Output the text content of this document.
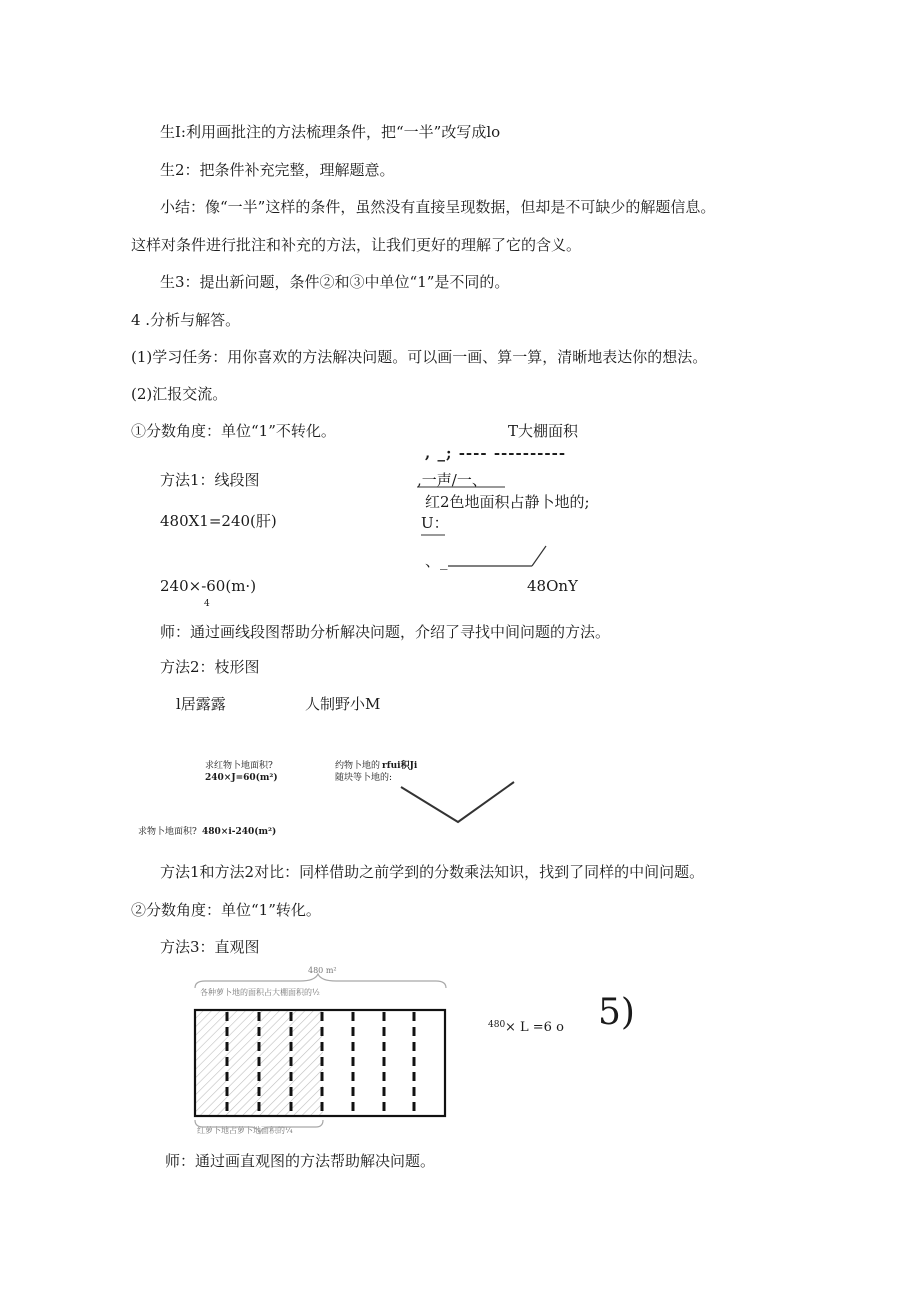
生I:利用画批注的方法梳理条件，把“一半”改写成lo
生2：把条件补充完整，理解题意。
小结：像“一半”这样的条件，虽然没有直接呈现数据，但却是不可缺少的解题信息。
这样对条件进行批注和补充的方法，让我们更好的理解了它的含义。
生3：提出新问题，条件②和③中单位“1”是不同的。
4 .分析与解答。
(1)学习任务：用你喜欢的方法解决问题。可以画一画、算一算，清晰地表达你的想法。
(2)汇报交流。
①分数角度：单位“1”不转化。
方法1：线段图
480X1=240(肝)
240×-60(m·)
4
T大棚面积
, _; ---- ----------
,一声/一、
红2色地面积占静卜地的;
U：
、_
48OnY
师：通过画线段图帮助分析解决问题，介绍了寻找中间问题的方法。
方法2：枝形图
l居露露	人制野小M
求红物卜地面积?
240×J=60(m²)
约物卜地的 rfui积Ji
随块等卜地的:
求物卜地面积? 480×i-240(m²)
方法1和方法2对比：同样借助之前学到的分数乘法知识，找到了同样的中间问题。
②分数角度：单位“1”转化。
方法3：直观图
480 m²
各种萝卜地的面积占大棚面积的½
红萝卜地占萝卜地面积的¼
480 × L =6 o 5)
师：通过画直观图的方法帮助解决问题。
